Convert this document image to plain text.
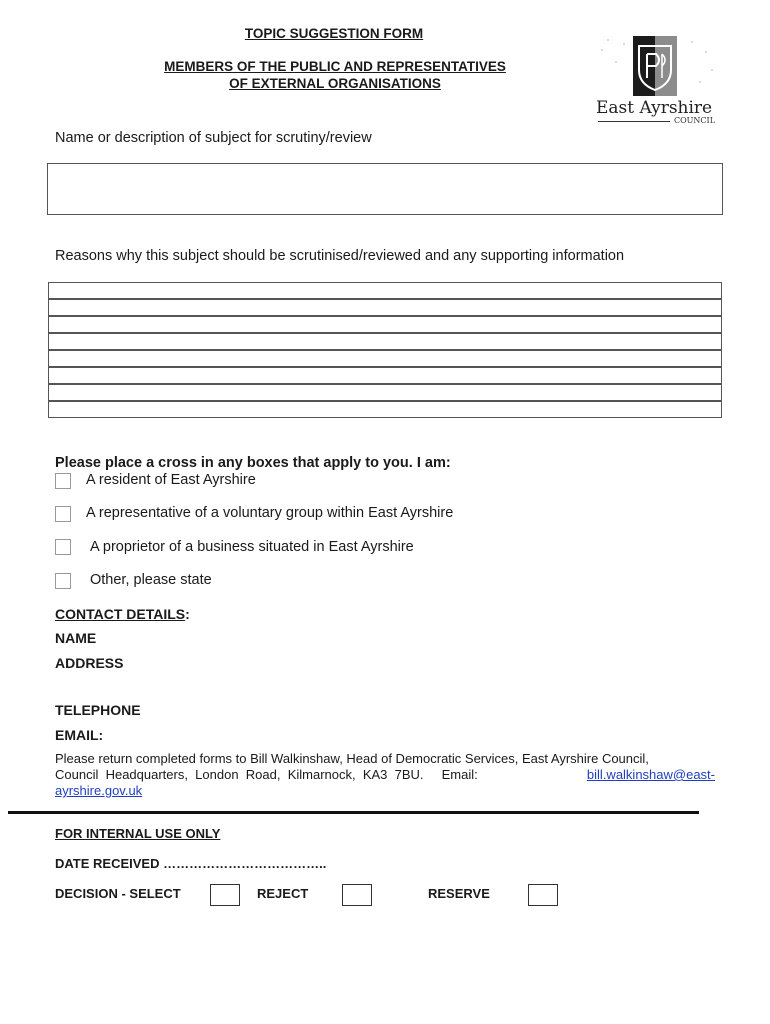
TOPIC SUGGESTION FORM
MEMBERS OF THE PUBLIC AND REPRESENTATIVES
OF EXTERNAL ORGANISATIONS
East Ayrshire
COUNCIL
Name or description of subject for scrutiny/review
Reasons why this subject should be scrutinised/reviewed and any supporting information
Please place a cross in any boxes that apply to you. I am:
A resident of East Ayrshire
A representative of a voluntary group within East Ayrshire
A proprietor of a business situated in East Ayrshire
Other, please state
CONTACT DETAILS:
NAME
ADDRESS
TELEPHONE
EMAIL:
Please return completed forms to Bill Walkinshaw, Head of Democratic Services, East Ayrshire Council,
Council  Headquarters,  London  Road,  Kilmarnock,  KA3  7BU.     Email:	bill.walkinshaw@east-
ayrshire.gov.uk
FOR INTERNAL USE ONLY
DATE RECEIVED ………………………………..
DECISION - SELECT	REJECT	RESERVE
